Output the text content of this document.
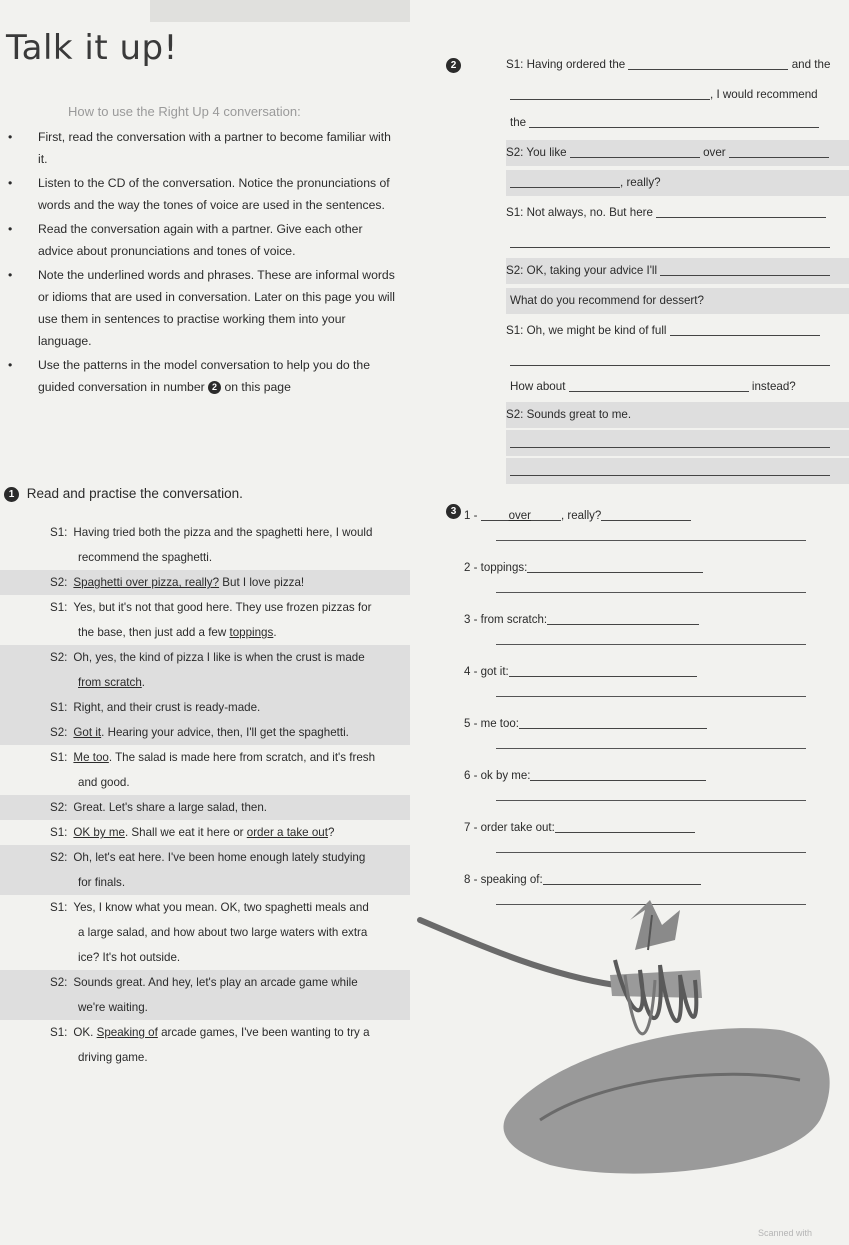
Talk it up!
How to use the Right Up 4 conversation:
• First, read the conversation with a partner to become familiar with it.
• Listen to the CD of the conversation. Notice the pronunciations of words and the way the tones of voice are used in the sentences.
• Read the conversation again with a partner. Give each other advice about pronunciations and tones of voice.
• Note the underlined words and phrases. These are informal words or idioms that are used in conversation. Later on this page you will use them in sentences to practise working them into your language.
• Use the patterns in the model conversation to help you do the guided conversation in number 2 on this page
1 Read and practise the conversation.
S1: Having tried both the pizza and the spaghetti here, I would
recommend the spaghetti.
S2: Spaghetti over pizza, really? But I love pizza!
S1: Yes, but it's not that good here. They use frozen pizzas for
the base, then just add a few toppings.
S2: Oh, yes, the kind of pizza I like is when the crust is made
from scratch.
S1: Right, and their crust is ready-made.
S2: Got it. Hearing your advice, then, I'll get the spaghetti.
S1: Me too. The salad is made here from scratch, and it's fresh
and good.
S2: Great. Let's share a large salad, then.
S1: OK by me. Shall we eat it here or order a take out?
S2: Oh, let's eat here. I've been home enough lately studying
for finals.
S1: Yes, I know what you mean. OK, two spaghetti meals and
a large salad, and how about two large waters with extra
ice? It's hot outside.
S2: Sounds great. And hey, let's play an arcade game while
we're waiting.
S1: OK. Speaking of arcade games, I've been wanting to try a
driving game.
2	S1: Having ordered the	and the
, I would recommend
the
S2: You like	over
, really?
S1: Not always, no. But here
S2: OK, taking your advice I'll
What do you recommend for dessert?
S1: Oh, we might be kind of full
How about	instead?
S2: Sounds great to me.
3 1 - over	, really?
2 - toppings:
3 - from scratch:
4 - got it:
5 - me too:
6 - ok by me:
7 - order take out:
8 - speaking of:
Scanned with
